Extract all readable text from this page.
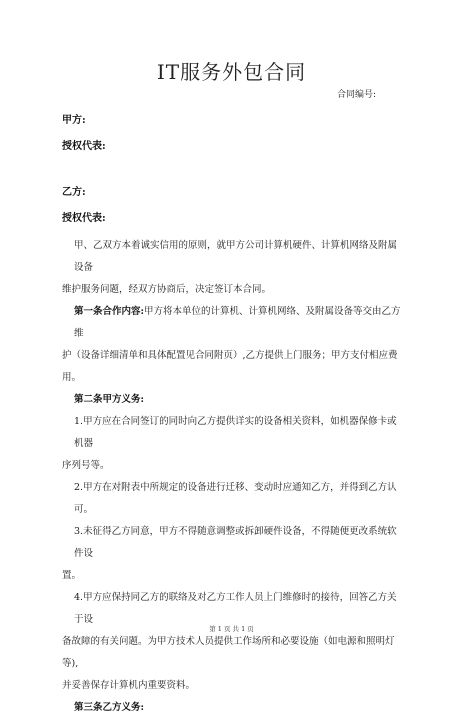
IT服务外包合同
合同编号:
甲方:
授权代表:
乙方:
授权代表:

甲、乙双方本着诚实信用的原则，就甲方公司计算机硬件、计算机网络及附属设备

维护服务问题，经双方协商后，决定签订本合同。

第一条合作内容:甲方将本单位的计算机、计算机网络、及附属设备等交由乙方维

护（设备详细清单和具体配置见合同附页）,乙方提供上门服务；甲方支付相应费用。

第二条甲方义务:

1.甲方应在合同签订的同时向乙方提供详实的设备相关资料，如机器保修卡或机器

序列号等。

2.甲方在对附表中所规定的设备进行迁移、变动时应通知乙方，并得到乙方认可。

3.未征得乙方同意，甲方不得随意调整或拆卸硬件设备，不得随便更改系统软件设

置。

4.甲方应保持同乙方的联络及对乙方工作人员上门维修时的接待，回答乙方关于设

备故障的有关问题。为甲方技术人员提供工作场所和必要设施（如电源和照明灯等),

并妥善保存计算机内重要资料。

第三条乙方义务:

第 1 页 共 1 页
